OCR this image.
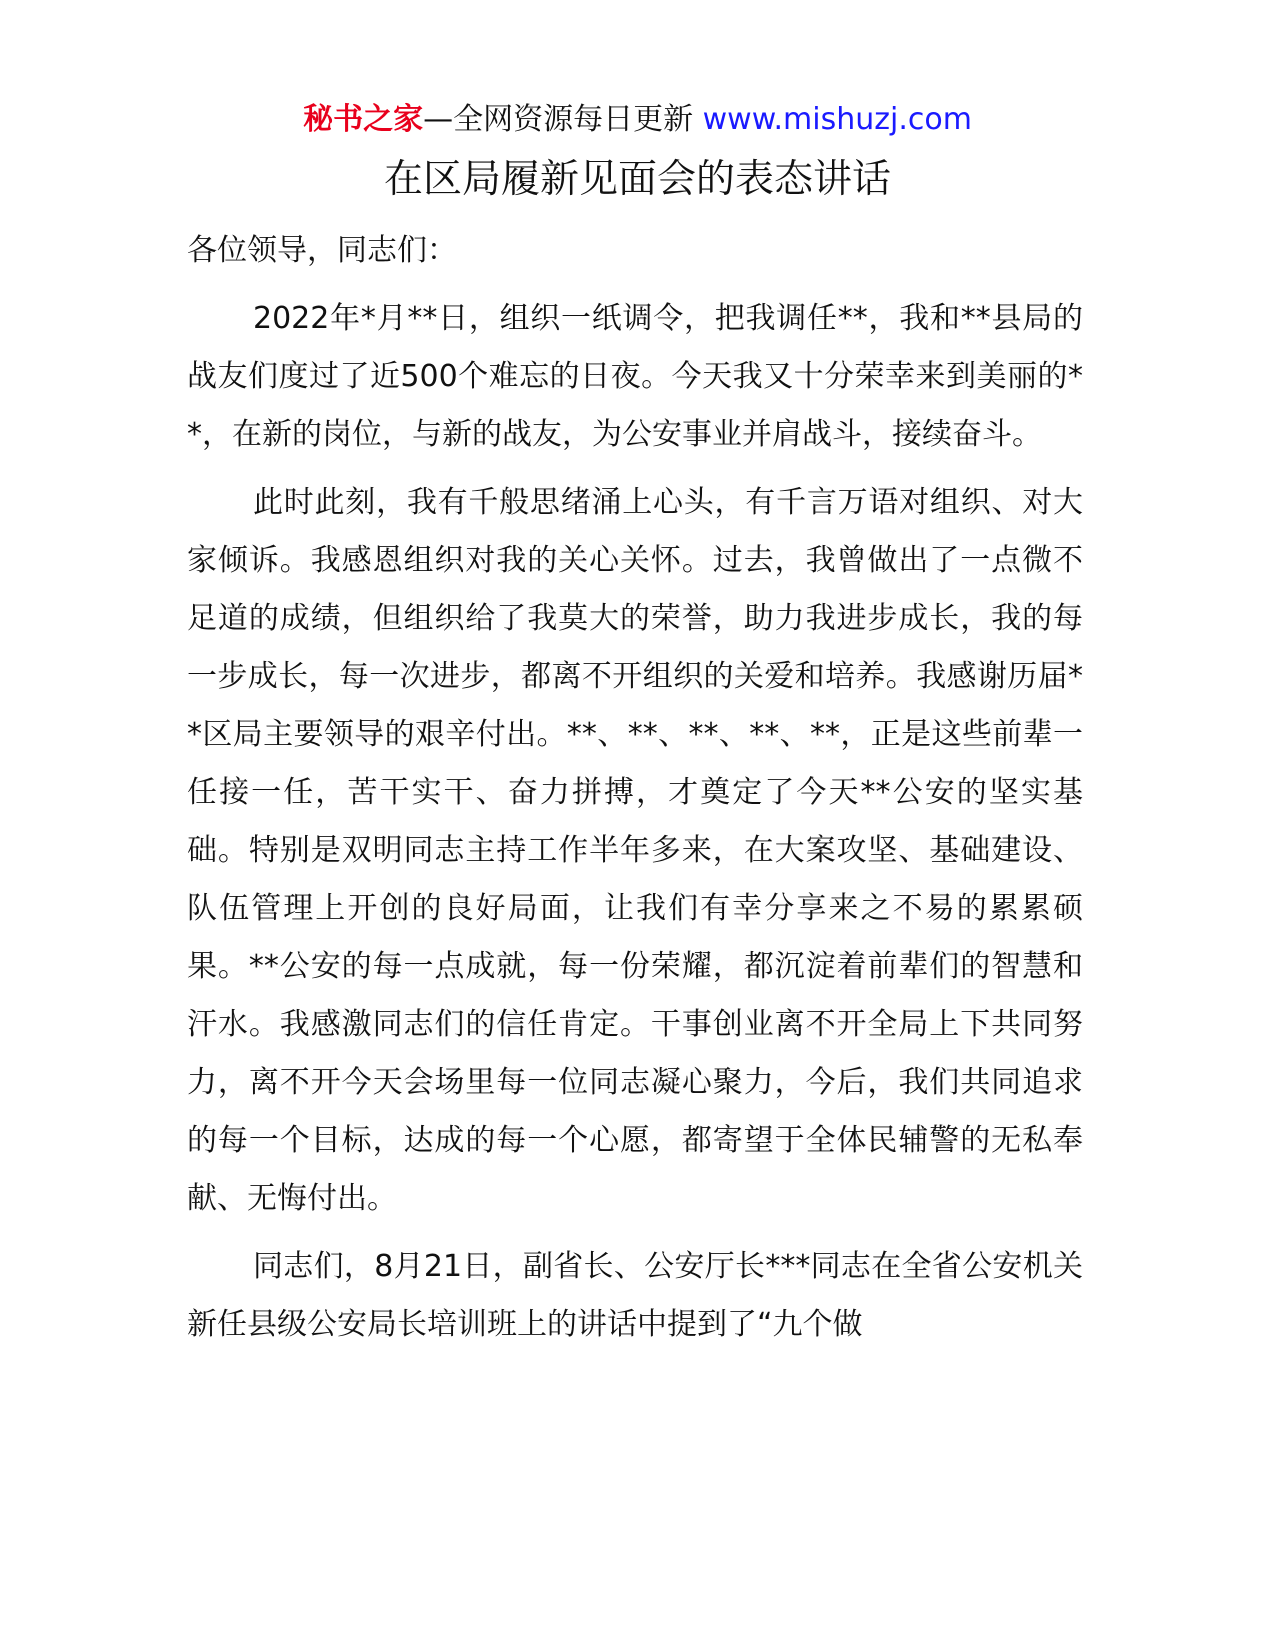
秘书之家—全网资源每日更新 www.mishuzj.com
在区局履新见面会的表态讲话

各位领导，同志们：

2022年*月**日，组织一纸调令，把我调任**，我和**县局的战友们度过了近500个难忘的日夜。今天我又十分荣幸来到美丽的**，在新的岗位，与新的战友，为公安事业并肩战斗，接续奋斗。

此时此刻，我有千般思绪涌上心头，有千言万语对组织、对大家倾诉。我感恩组织对我的关心关怀。过去，我曾做出了一点微不足道的成绩，但组织给了我莫大的荣誉，助力我进步成长，我的每一步成长，每一次进步，都离不开组织的关爱和培养。我感谢历届**区局主要领导的艰辛付出。**、**、**、**、**，正是这些前辈一任接一任，苦干实干、奋力拼搏，才奠定了今天**公安的坚实基础。特别是双明同志主持工作半年多来，在大案攻坚、基础建设、队伍管理上开创的良好局面，让我们有幸分享来之不易的累累硕果。**公安的每一点成就，每一份荣耀，都沉淀着前辈们的智慧和汗水。我感激同志们的信任肯定。干事创业离不开全局上下共同努力，离不开今天会场里每一位同志凝心聚力，今后，我们共同追求的每一个目标，达成的每一个心愿，都寄望于全体民辅警的无私奉献、无悔付出。

同志们，8月21日，副省长、公安厅长***同志在全省公安机关新任县级公安局长培训班上的讲话中提到了“九个做
